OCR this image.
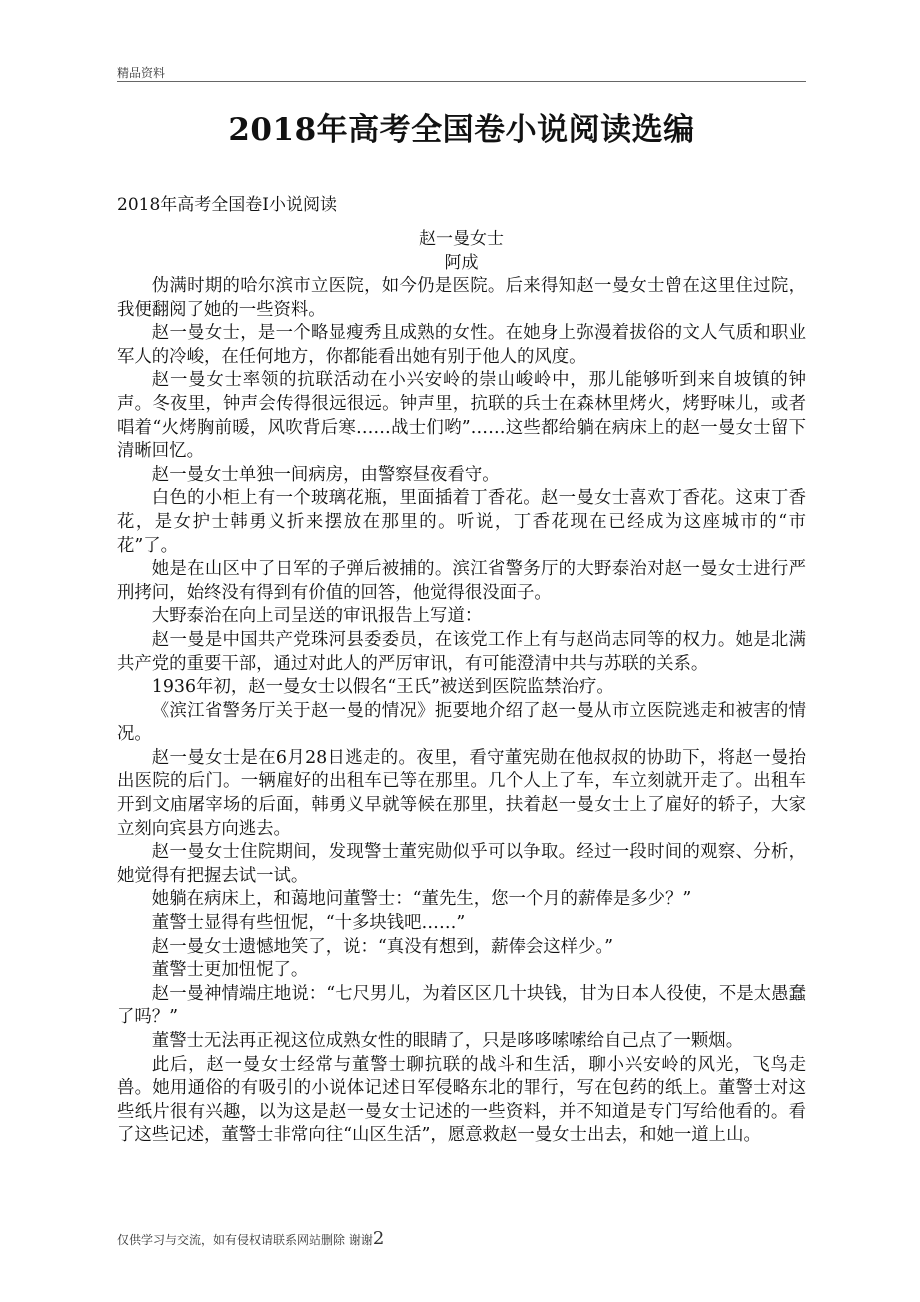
精品资料
2018年高考全国卷小说阅读选编
2018年高考全国卷Ⅰ小说阅读
赵一曼女士
阿成

伪满时期的哈尔滨市立医院，如今仍是医院。后来得知赵一曼女士曾在这里住过院，我便翻阅了她的一些资料。

赵一曼女士，是一个略显瘦秀且成熟的女性。在她身上弥漫着拔俗的文人气质和职业军人的冷峻，在任何地方，你都能看出她有别于他人的风度。

赵一曼女士率领的抗联活动在小兴安岭的崇山峻岭中，那儿能够听到来自坡镇的钟声。冬夜里，钟声会传得很远很远。钟声里，抗联的兵士在森林里烤火，烤野味儿，或者唱着“火烤胸前暖，风吹背后寒……战士们哟”……这些都给躺在病床上的赵一曼女士留下清晰回忆。

赵一曼女士单独一间病房，由警察昼夜看守。

白色的小柜上有一个玻璃花瓶，里面插着丁香花。赵一曼女士喜欢丁香花。这束丁香花，是女护士韩勇义折来摆放在那里的。听说，丁香花现在已经成为这座城市的“市花”了。

她是在山区中了日军的子弹后被捕的。滨江省警务厅的大野泰治对赵一曼女士进行严刑拷问，始终没有得到有价值的回答，他觉得很没面子。

大野泰治在向上司呈送的审讯报告上写道：

赵一曼是中国共产党珠河县委委员，在该党工作上有与赵尚志同等的权力。她是北满共产党的重要干部，通过对此人的严厉审讯，有可能澄清中共与苏联的关系。

1936年初，赵一曼女士以假名“王氏”被送到医院监禁治疗。

《滨江省警务厅关于赵一曼的情况》扼要地介绍了赵一曼从市立医院逃走和被害的情况。

赵一曼女士是在6月28日逃走的。夜里，看守董宪勋在他叔叔的协助下，将赵一曼抬出医院的后门。一辆雇好的出租车已等在那里。几个人上了车，车立刻就开走了。出租车开到文庙屠宰场的后面，韩勇义早就等候在那里，扶着赵一曼女士上了雇好的轿子，大家立刻向宾县方向逃去。

赵一曼女士住院期间，发现警士董宪勋似乎可以争取。经过一段时间的观察、分析，她觉得有把握去试一试。

她躺在病床上，和蔼地问董警士：“董先生，您一个月的薪俸是多少？”

董警士显得有些忸怩，“十多块钱吧……”

赵一曼女士遗憾地笑了，说：“真没有想到，薪俸会这样少。”

董警士更加忸怩了。

赵一曼神情端庄地说：“七尺男儿，为着区区几十块钱，甘为日本人役使，不是太愚蠢了吗？”

董警士无法再正视这位成熟女性的眼睛了，只是哆哆嗦嗦给自己点了一颗烟。

此后，赵一曼女士经常与董警士聊抗联的战斗和生活，聊小兴安岭的风光，飞鸟走兽。她用通俗的有吸引的小说体记述日军侵略东北的罪行，写在包药的纸上。董警士对这些纸片很有兴趣，以为这是赵一曼女士记述的一些资料，并不知道是专门写给他看的。看了这些记述，董警士非常向往“山区生活”，愿意救赵一曼女士出去，和她一道上山。

仅供学习与交流，如有侵权请联系网站删除 谢谢2
